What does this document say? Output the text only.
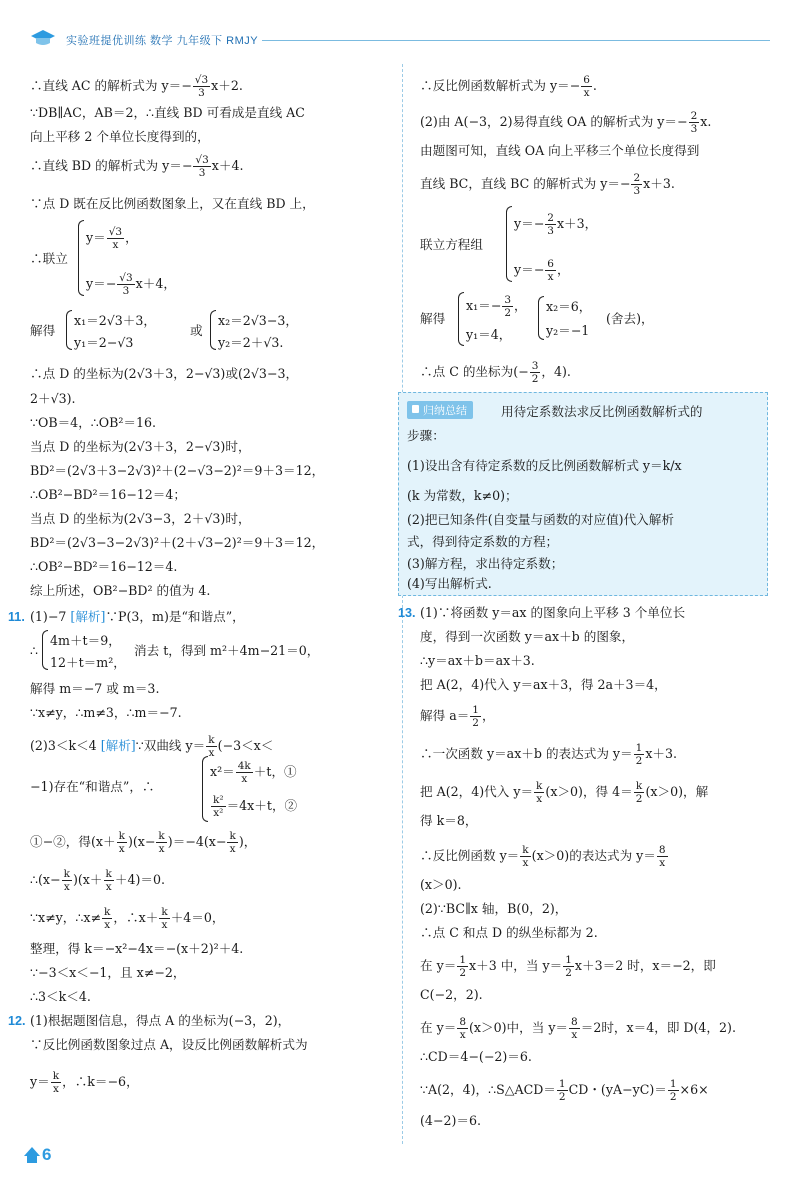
实验班提优训练 数学 九年级下 RMJY
∴直线 AC 的解析式为 $y=- \frac{√3}{3} x+2$.
∵DB∥AC，AB＝2，∴直线 BD 可看成是直线 AC
向上平移 2 个单位长度得到的，
∴直线 BD 的解析式为 $y=- \frac{√3}{3} x+4$.
∵点 D 既在反比例函数图象上，又在直线 BD 上，
$y= \frac{√3}{x}$ ，
∴联立
$y=- \frac{√3}{3} x+4$，
解得
x₁＝2√3＋3，
或
x₂＝2√3−3，
y₁＝2−√3	y₂＝2＋√3.
∴点 D 的坐标为(2√3＋3，2−√3)或(2√3−3，
2＋√3).
∵OB＝4，∴OB²＝16.
当点 D 的坐标为(2√3＋3，2−√3)时，
BD²＝(2√3＋3−2√3)²＋(2−√3−2)²＝9＋3＝12，
∴OB²−BD²＝16−12＝4；
当点 D 的坐标为(2√3−3，2＋√3)时，
BD²＝(2√3−3−2√3)²＋(2＋√3−2)²＝9＋3＝12，
∴OB²−BD²＝16−12＝4.
综上所述，OB²−BD² 的值为 4.
11. (1)−7 [解析]∵P(3，m)是“和谐点”，
∴
4m＋t＝9，
消去 t，得到 m²＋4m−21＝0，
12＋t＝m²，
解得 m＝−7 或 m＝3.
∵x≠y，∴m≠3，∴m＝−7.
(2)3＜k＜4 [解析]∵双曲线 $y= \frac{k}{x} (-3<x<$
−1)存在“和谐点”，∴
$x^2= \frac{4k}{x} +t$，①
$\frac{\text{k²}}{\text{x²}} =4x+t$，②
①−②，得$(x+ \frac{k}{x} )(x- \frac{k}{x} )=-4(x- \frac{k}{x}$ )，
∴(x− $\frac{k}{x} )(x+ \frac{k}{x} +4)=0$.
∵x≠y，∴x≠ $\frac{k}{x}$ ，∴x＋ $\frac{k}{x} +4=0$，
整理，得 k＝−x²−4x＝−(x＋2)²＋4.
∵−3＜x＜−1，且 x≠−2，
∴3＜k＜4.
12. (1)根据题图信息，得点 A 的坐标为(−3，2)，
∵反比例函数图象过点 A，设反比例函数解析式为
$y= \frac{k}{x}$ ，∴k＝−6，
∴反比例函数解析式为 $y=- \frac{6}{x}$ .
(2)由 A(−3，2)易得直线 OA 的解析式为 $y=- \frac{2}{3} x$.
由题图可知，直线 OA 向上平移三个单位长度得到
直线 BC，直线 BC 的解析式为 $y=- \frac{2}{3} x+3$.
$y=- \frac{2}{3} x+3$，
联立方程组
$y=- \frac{6}{x}$ ，
解得
$x_1=- \frac{3}{2}$ ， x₂＝6，
(舍去)，
y₁＝4，	y₂＝−1
∴点 C 的坐标为(− $\frac{3}{2}$ ，4).
13. (1)∵将函数 y＝ax 的图象向上平移 3 个单位长
度，得到一次函数 y＝ax＋b 的图象，
∴y＝ax＋b＝ax＋3.
把 A(2，4)代入 y＝ax＋3，得 2a＋3＝4，
解得 $a= \frac{1}{2}$ ，
∴一次函数 y＝ax＋b 的表达式为 $y= \frac{1}{2} x+3$.
把 A(2，4)代入 $y= \frac{k}{x} (x>0)$，得 $4= \frac{k}{2} (x>0)$，解
得 k＝8，
∴反比例函数 $y= \frac{k}{x} (x>0)$的表达式为 $y= \frac{8}{x}$
(x＞0).
(2)∵BC∥x 轴，B(0，2)，
∴点 C 和点 D 的纵坐标都为 2.
在 $y= \frac{1}{2} x+3$ 中，当 $y= \frac{1}{2} x+3=2$ 时，x＝−2，即
C(−2，2).
在 $y= \frac{8}{x} (x>0)$中，当 $y= \frac{8}{x} =2$时，x＝4，即 D(4，2).
∴CD＝4−(−2)＝6.
∵A(2，4)，∴S△ACD＝ $\frac{1}{2}$ CD・$(yA-yC)= \frac{1}{2} \times 6\times$
(4−2)＝6.
归纳总结	用待定系数法求反比例函数解析式的
步骤：
(1)设出含有待定系数的反比例函数解析式 y＝k/x
(k 为常数，k≠0)；
(2)把已知条件(自变量与函数的对应值)代入解析
式，得到待定系数的方程；
(3)解方程，求出待定系数；
(4)写出解析式.
6
